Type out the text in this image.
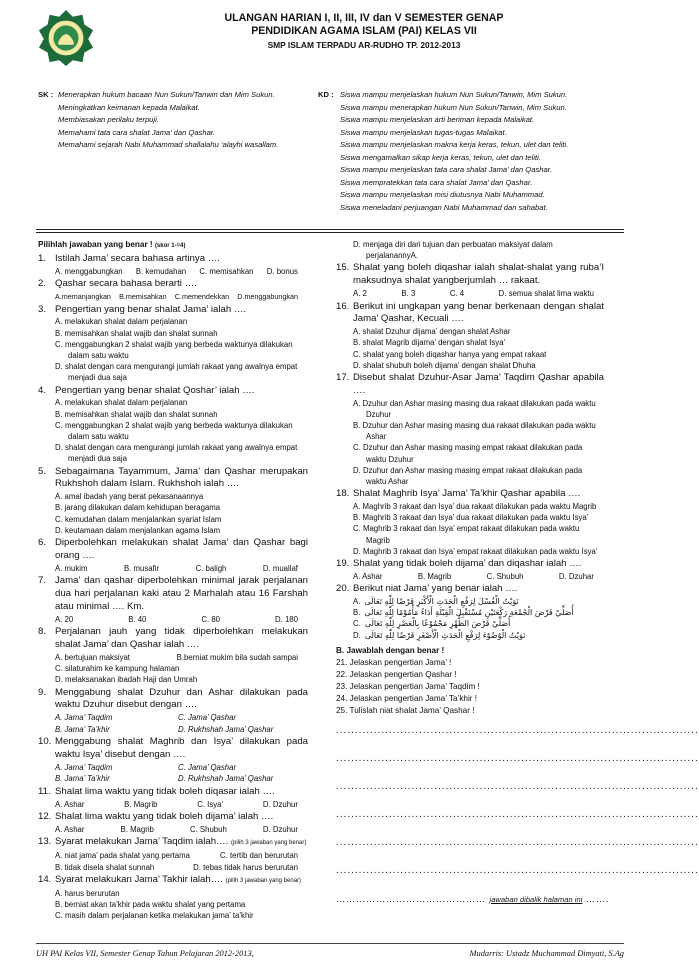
ULANGAN HARIAN I, II, III, IV dan V SEMESTER GENAP
PENDIDIKAN AGAMA ISLAM (PAI) KELAS VII
SMP ISLAM TERPADU AR-RUDHO TP. 2012-2013
SK : Menerapkan hukum bacaan Nun Sukun/Tanwin dan Mim Sukun.
Meningkatkan keimanan kepada Malaikat.
Membiasakan perilaku terpuji.
Memahami tata cara shalat Jama’ dan Qashar.
Memahami sejarah Nabi Muhammad shallalahu ‘alayhi wasallam.
KD : Siswa mampu menjelaskan hukum Nun Sukun/Tanwin, Mim Sukun.
Siswa mampu menerapkan hukum Nun Sukun/Tanwin, Mim Sukun.
Siswa mampu menjelaskan arti beriman kepada Malaikat.
Siswa mampu menjelaskan tugas-tugas Malaikat.
Siswa mampu menjelaskan makna kerja keras, tekun, ulet dan teliti.
Siswa mengamalkan sikap kerja keras, tekun, ulet dan teliti.
Siswa mampu menjelaskan tata cara shalat Jama’ dan Qashar.
Siswa mempratekkan tata cara shalat Jama’ dan Qashar.
Siswa mampu menjelaskan misi diutusnya Nabi Muhammad.
Siswa meneladani perjuangan Nabi Muhammad dan sahabat.
Pilihlah jawaban yang benar ! (skor 1-=4)
1. Istilah Jama’ secara bahasa artinya ….
A. menggabungkan B. kemudahan C. memisahkan D. bonus
2. Qashar secara bahasa berarti ….
A.memanjangkan B.memisahkan C.memendekkan D.menggabungkan
3. Pengertian yang benar shalat Jama’ ialah ….
A. melakukan shalat dalam perjalanan
B. memisahkan shalat wajib dan shalat sunnah
C. menggabungkan 2 shalat wajib yang berbeda waktunya dilakukan dalam satu waktu
D. shalat dengan cara mengurangi jumlah rakaat yang awalnya empat menjadi dua saja
4. Pengertian yang benar shalat Qoshar’ ialah ….
A. melakukan shalat dalam perjalanan
B. memisahkan shalat wajib dan shalat sunnah
C. menggabungkan 2 shalat wajib yang berbeda waktunya dilakukan dalam satu waktu
D. shalat dengan cara mengurangi jumlah rakaat yang awalnya empat menjadi dua saja
5. Sebagaimana Tayammum, Jama’ dan Qashar merupakan Rukhshoh dalam Islam. Rukhshoh ialah ….
A. amal ibadah yang berat pekasanaannya
B. jarang dilakukan dalam kehidupan beragama
C. kemudahan dalam menjalankan syariat Islam
D. keutamaan dalam menjalankan agama Islam
6. Diperbolehkan melakukan shalat Jama’ dan Qashar bagi orang ….
A. mukim	B. musafir	C. baligh	D. muallaf
7. Jama’ dan qashar diperbolehkan minimal jarak perjalanan dua hari perjalanan kaki atau 2 Marhalah atau 16 Farshah atau minimal …. Km.
A. 20	B. 40	C. 80	D. 180
8. Perjalanan jauh yang tidak diperbolehkan melakukan shalat Jama’ dan Qashar ialah ….
A. bertujuan maksiyat	B.berniat mukim bila sudah sampai
C. silaturahim ke kampung halaman
D. melaksanakan ibadah Haji dan Umrah
9. Menggabung shalat Dzuhur dan Ashar dilakukan pada waktu Dzuhur disebut dengan ….
A. Jama’ Taqdim	C. Jama’ Qashar
B. Jama’ Ta’khir	D. Rukhshah Jama’ Qashar
10. Menggabung shalat Maghrib dan Isya’ dilakukan pada waktu Isya’ disebut dengan ….
A. Jama’ Taqdim	C. Jama’ Qashar
B. Jama’ Ta’khir	D. Rukhshah Jama’ Qashar
11. Shalat lima waktu yang tidak boleh diqasar ialah ….
A. Ashar	B. Magrib	C. Isya’	D. Dzuhur
12. Shalat lima waktu yang tidak boleh dijama’ ialah ….
A. Ashar	B. Magrib	C. Shubuh	D. Dzuhur
13. Syarat melakukan Jama’ Taqdim ialah…. (pilih 3 jawaban yang benar)
A. niat jama’ pada shalat yang pertama	C. tertib dan berurutan
B. tidak disela shalat sunnah	D. tebas tidak harus berurutan
14. Syarat melakukan Jama’ Takhir ialah…. (pilih 3 jawaban yang benar)
A. harus berurutan
B. berniat akan ta’khir pada waktu shalat yang pertama
C. masih dalam perjalanan ketika melakukan jama’ ta’khir
D. menjaga diri dari tujuan dan perbuatan maksiyat dalam perjalanannyA.
15. Shalat yang boleh diqashar ialah shalat-shalat yang ruba’I maksudnya shalat yangberjumlah … rakaat.
A. 2	B. 3	C. 4	D. semua shalat lima waktu
16. Berikut ini ungkapan yang benar berkenaan dengan shalat Jama’ Qashar, Kecuali ….
A. shalat Dzuhur dijama’ dengan shalat Ashar
B. shalat Magrib dijama’ dengan shalat Isya’
C. shalat yang boleh diqashar hanya yang empat rakaat
D. shalat shubuh boleh dijama’ dengan shalat Dhuha
17. Disebut shalat Dzuhur-Asar Jama’ Taqdim Qashar apabila ….
A. Dzuhur dan Ashar masing masing dua rakaat dilakukan pada waktu Dzuhur
B. Dzuhur dan Ashar masing masing dua rakaat dilakukan pada waktu Ashar
C. Dzuhur dan Ashar masing masing empat rakaat dilakukan pada waktu Dzuhur
D. Dzuhur dan Ashar masing masing empat rakaat dilakukan pada waktu Ashar
18. Shalat Maghrib Isya’ Jama’ Ta’khir Qashar apabila ….
A. Maghrib 3 rakaat dan Isya’ dua rakaat dilakukan pada waktu Magrib
B. Maghrib 3 rakaat dan Isya’ dua rakaat dilakukan pada waktu Isya’
C. Maghrib 3 rakaat dan Isya’ empat rakaat dilakukan pada waktu Magrib
D. Maghrib 3 rakaat dan Isya’ empat rakaat dilakukan pada waktu Isya’
19. Shalat yang tidak boleh dijama’ dan diqashar ialah ….
A. Ashar	B. Magrib	C. Shubuh	D. Dzuhar
20. Berikut niat Jama’ yang benar ialah ….
A. نَوَيْتُ الْغُسْلَ لِرَفْعِ الْحَدَثِ الْأَكْبَرِ فَرْضًا لِلّٰهِ تَعَالَى
B. أُصَلِّيْ فَرْضَ الْجُمْعَةِ رَكْعَتَيْنِ مُسْتَقْبِلَ الْقِبْلَةِ أَدَاءً مَأْمُوْمًا لِلّٰهِ تَعَالَى
C. أُصَلِّيْ فَرْضَ الظُّهْرِ مَجْمُوْعًا بِالْعَصْرِ لِلّٰهِ تَعَالَى
D. نَوَيْتُ الْوُضُوْءَ لِرَفْعِ الْحَدَثِ الْأَصْغَرِ فَرْضًا لِلّٰهِ تَعَالَى
B. Jawablah dengan benar !
21. Jelaskan pengertian Jama’ !
22. Jelaskan pengertian Qashar !
23. Jelaskan pengertian Jama’ Taqdim !
24. Jelaskan pengertian Jama’ Ta’khir !
25. Tulislah niat shalat Jama’ Qashar !
................................................................................................
................................................................................................
................................................................................................
................................................................................................
................................................................................................
................................................................................................
……………………………………… jawaban dibalik halaman ini …….
UH PAI Kelas VII, Semester Genap Tahun Pelajaran 2012-2013,	Mudarris: Ustadz Muchammad Dimyati, S.Ag
